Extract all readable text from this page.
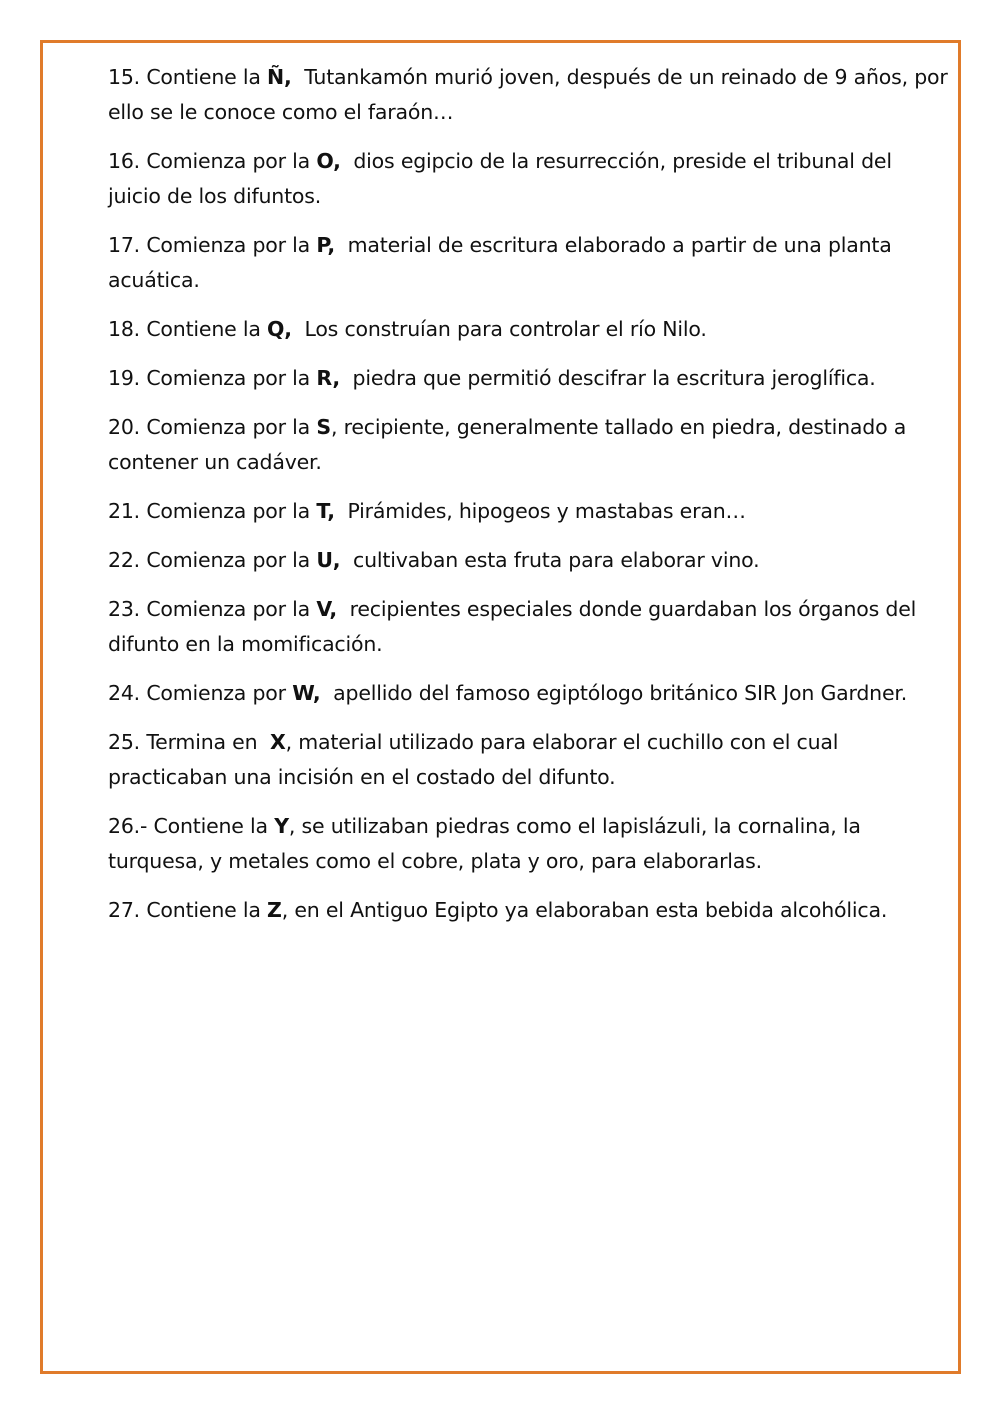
15. Contiene la Ñ,  Tutankamón murió joven, después de un reinado de 9 años, por ello se le conoce como el faraón…
16. Comienza por la O,  dios egipcio de la resurrección, preside el tribunal del juicio de los difuntos.
17. Comienza por la P,  material de escritura elaborado a partir de una planta acuática.
18. Contiene la Q,  Los construían para controlar el río Nilo.
19. Comienza por la R,  piedra que permitió descifrar la escritura jeroglífica.
20. Comienza por la S, recipiente, generalmente tallado en piedra, destinado a contener un cadáver.
21. Comienza por la T,  Pirámides, hipogeos y mastabas eran…
22. Comienza por la U,  cultivaban esta fruta para elaborar vino.
23. Comienza por la V,  recipientes especiales donde guardaban los órganos del difunto en la momificación.
24. Comienza por W,  apellido del famoso egiptólogo británico SIR Jon Gardner.
25. Termina en  X, material utilizado para elaborar el cuchillo con el cual practicaban una incisión en el costado del difunto.
26.- Contiene la Y, se utilizaban piedras como el lapislázuli, la cornalina, la turquesa, y metales como el cobre, plata y oro, para elaborarlas.
27. Contiene la Z, en el Antiguo Egipto ya elaboraban esta bebida alcohólica.
